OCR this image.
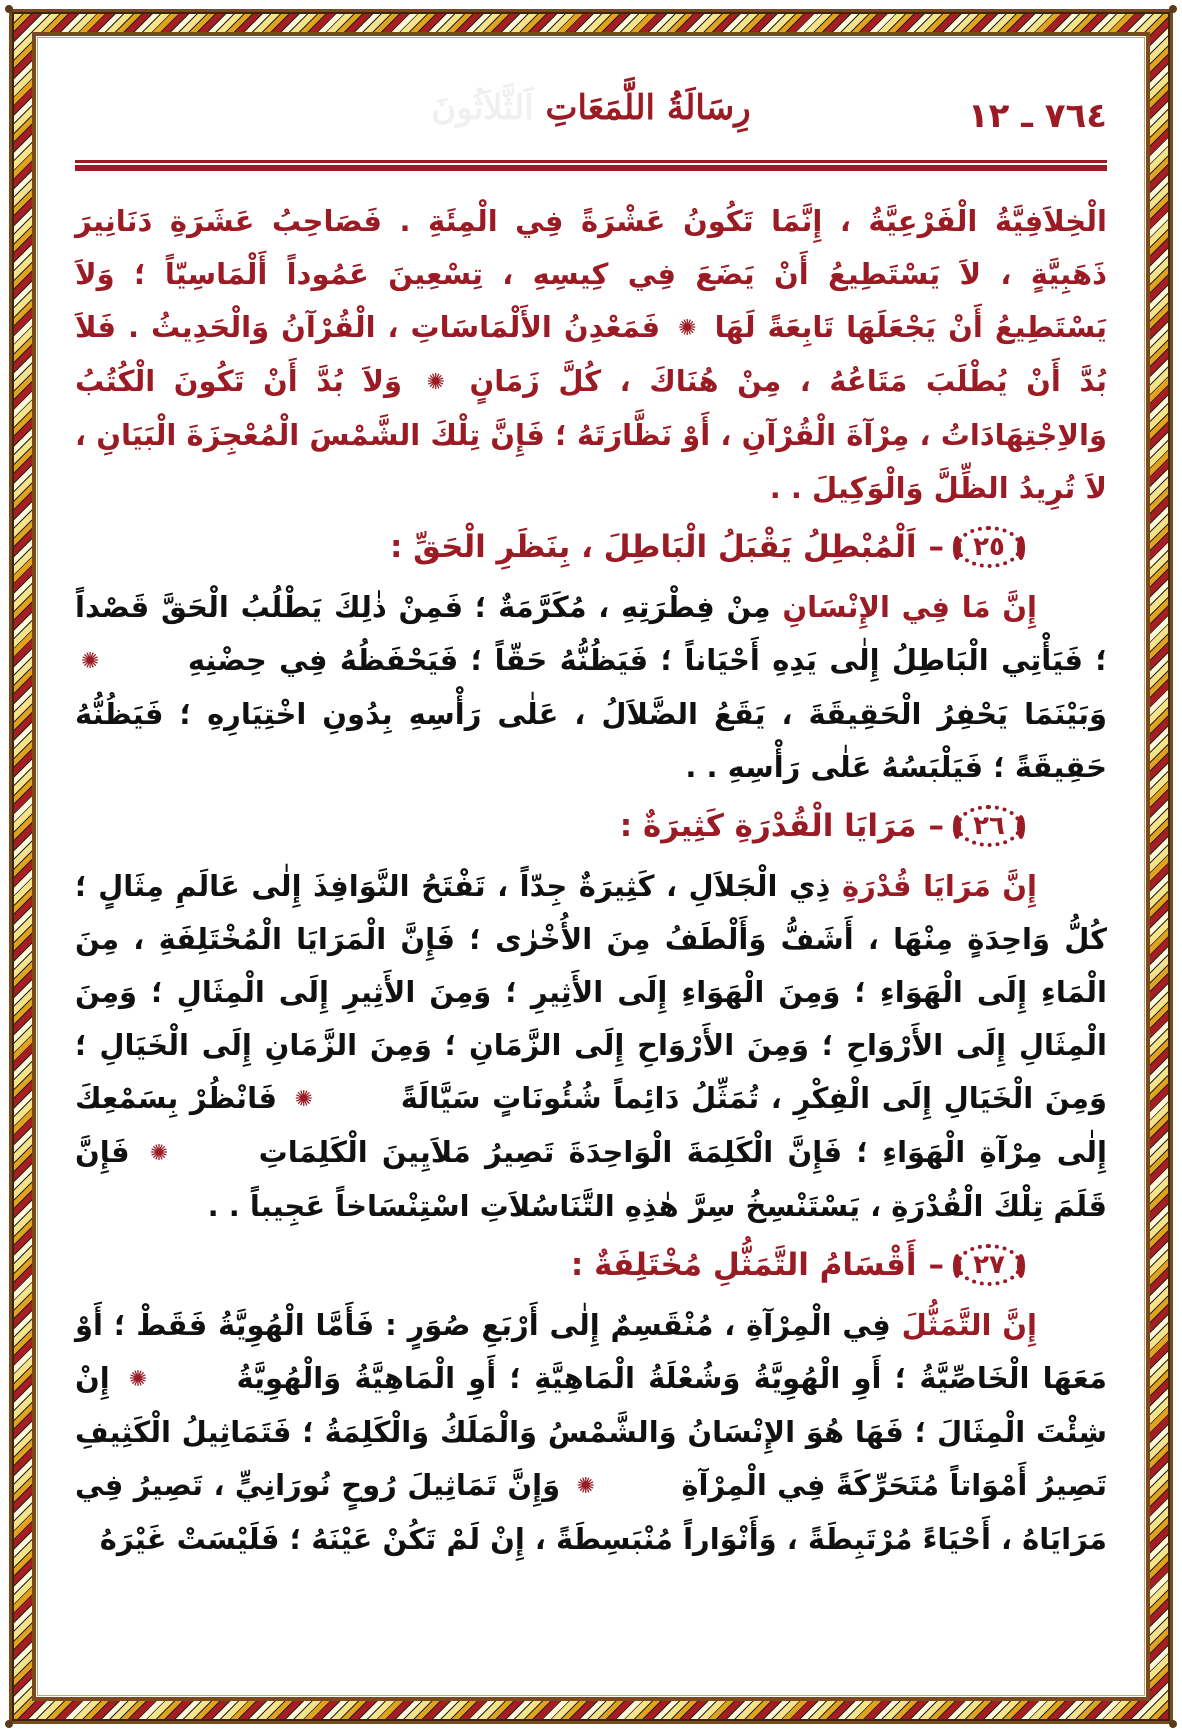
٧٦٤ ـ ١٢
رِسَالَةُ اللَّمَعَاتِ اَلثَّلاَثُونَ

الْخِلاَفِيَّةُ الْفَرْعِيَّةُ ، إِنَّمَا تَكُونُ عَشْرَةً فِي الْمِئَةِ . فَصَاحِبُ عَشَرَةِ دَنَانِيرَ ذَهَبِيَّةٍ ، لاَ يَسْتَطِيعُ أَنْ يَضَعَ فِي كِيسِهِ ، تِسْعِينَ عَمُوداً أَلْمَاسِيّاً ؛ وَلاَ يَسْتَطِيعُ أَنْ يَجْعَلَهَا تَابِعَةً لَهَا ✺ فَمَعْدِنُ الأَلْمَاسَاتِ ، الْقُرْآنُ وَالْحَدِيثُ . فَلاَ بُدَّ أَنْ يُطْلَبَ مَتَاعُهُ ، مِنْ هُنَاكَ ، كُلَّ زَمَانٍ ✺ وَلاَ بُدَّ أَنْ تَكُونَ الْكُتُبُ وَالاِجْتِهَادَاتُ ، مِرْآةَ الْقُرْآنِ ، أَوْ نَظَّارَتَهُ ؛ فَإِنَّ تِلْكَ الشَّمْسَ الْمُعْجِزَةَ الْبَيَانِ ، لاَ تُرِيدُ الظِّلَّ وَالْوَكِيلَ . .

٢٥
–
اَلْمُبْطِلُ يَقْبَلُ الْبَاطِلَ ، بِنَظَرِ الْحَقِّ :

إِنَّ مَا فِي الإِنْسَانِ مِنْ فِطْرَتِهِ ، مُكَرَّمَةٌ ؛ فَمِنْ ذٰلِكَ يَطْلُبُ الْحَقَّ قَصْداً ؛ فَيَأْتِي الْبَاطِلُ إِلٰى يَدِهِ أَحْيَاناً ؛ فَيَظُنُّهُ حَقّاً ؛ فَيَحْفَظُهُ فِي حِضْنِهِ ✺ وَبَيْنَمَا يَحْفِرُ الْحَقِيقَةَ ، يَقَعُ الضَّلاَلُ ، عَلٰى رَأْسِهِ بِدُونِ اخْتِيَارِهِ ؛ فَيَظُنُّهُ حَقِيقَةً ؛ فَيَلْبَسُهُ عَلٰى رَأْسِهِ . .

٢٦
–
مَرَايَا الْقُدْرَةِ كَثِيرَةٌ :

إِنَّ مَرَايَا قُدْرَةِ ذِي الْجَلاَلِ ، كَثِيرَةٌ جِدّاً ، تَفْتَحُ النَّوَافِذَ إِلٰى عَالَمِ مِثَالٍ ؛ كُلُّ وَاحِدَةٍ مِنْهَا ، أَشَفُّ وَأَلْطَفُ مِنَ الأُخْرٰى ؛ فَإِنَّ الْمَرَايَا الْمُخْتَلِفَةِ ، مِنَ الْمَاءِ إِلَى الْهَوَاءِ ؛ وَمِنَ الْهَوَاءِ إِلَى الأَثِيرِ ؛ وَمِنَ الأَثِيرِ إِلَى الْمِثَالِ ؛ وَمِنَ الْمِثَالِ إِلَى الأَرْوَاحِ ؛ وَمِنَ الأَرْوَاحِ إِلَى الزَّمَانِ ؛ وَمِنَ الزَّمَانِ إِلَى الْخَيَالِ ؛ وَمِنَ الْخَيَالِ إِلَى الْفِكْرِ ، تُمَثِّلُ دَائِماً شُئُونَاتٍ سَيَّالَةً ✺ فَانْظُرْ بِسَمْعِكَ إِلٰى مِرْآةِ الْهَوَاءِ ؛ فَإِنَّ الْكَلِمَةَ الْوَاحِدَةَ تَصِيرُ مَلاَيِينَ الْكَلِمَاتِ ✺ فَإِنَّ قَلَمَ تِلْكَ الْقُدْرَةِ ، يَسْتَنْسِخُ سِرَّ هٰذِهِ التَّنَاسُلاَتِ اسْتِنْسَاخاً عَجِيباً . .

٢٧
–
أَقْسَامُ التَّمَثُّلِ مُخْتَلِفَةٌ :

إِنَّ التَّمَثُّلَ فِي الْمِرْآةِ ، مُنْقَسِمٌ إِلٰى أَرْبَعِ صُوَرٍ : فَأَمَّا الْهُوِيَّةُ فَقَطْ ؛ أَوْ مَعَهَا الْخَاصِّيَّةُ ؛ أَوِ الْهُوِيَّةُ وَشُعْلَةُ الْمَاهِيَّةِ ؛ أَوِ الْمَاهِيَّةُ وَالْهُوِيَّةُ ✺ إِنْ شِئْتَ الْمِثَالَ ؛ فَهَا هُوَ الإِنْسَانُ وَالشَّمْسُ وَالْمَلَكُ وَالْكَلِمَةُ ؛ فَتَمَاثِيلُ الْكَثِيفِ تَصِيرُ أَمْوَاتاً مُتَحَرِّكَةً فِي الْمِرْآةِ ✺ وَإِنَّ تَمَاثِيلَ رُوحٍ نُورَانِيٍّ ، تَصِيرُ فِي مَرَايَاهُ ، أَحْيَاءً مُرْتَبِطَةً ، وَأَنْوَاراً مُنْبَسِطَةً ، إِنْ لَمْ تَكُنْ عَيْنَهُ ؛ فَلَيْسَتْ غَيْرَهُ
